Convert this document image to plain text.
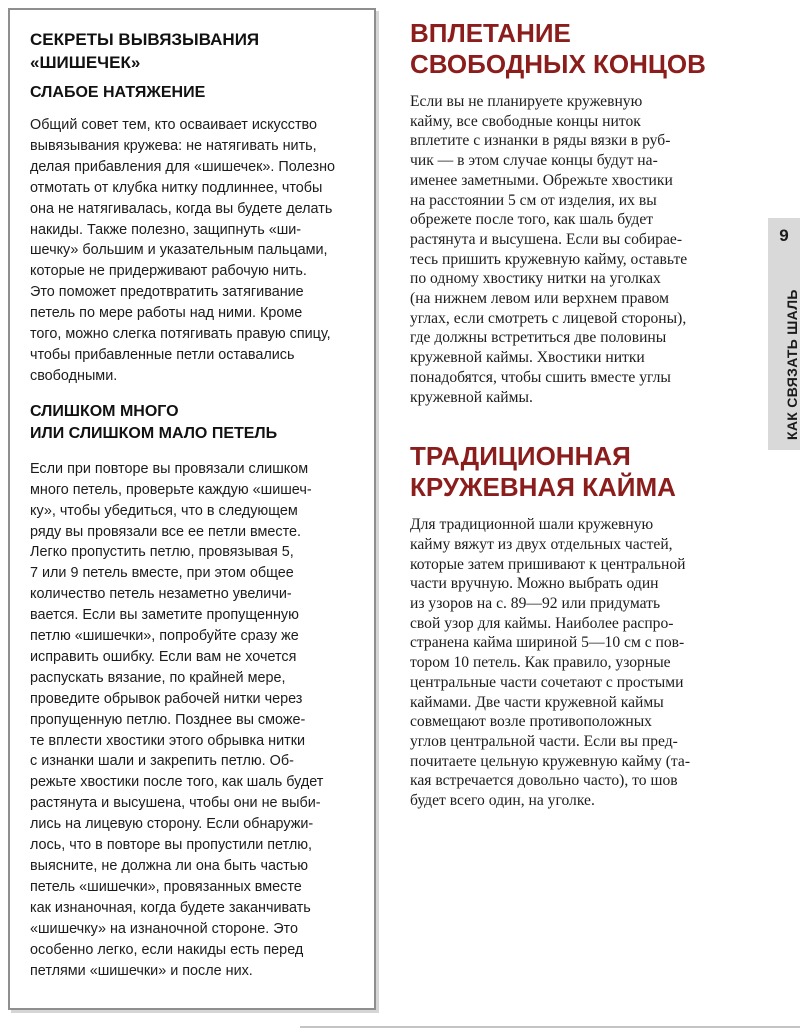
СЕКРЕТЫ ВЫВЯЗЫВАНИЯ
«ШИШЕЧЕК»
СЛАБОЕ НАТЯЖЕНИЕ
Общий совет тем, кто осваивает искусство
вывязывания кружева: не натягивать нить,
делая прибавления для «шишечек». Полезно
отмотать от клубка нитку подлиннее, чтобы
она не натягивалась, когда вы будете делать
накиды. Также полезно, защипнуть «ши-
шечку» большим и указательным пальцами,
которые не придерживают рабочую нить.
Это поможет предотвратить затягивание
петель по мере работы над ними. Кроме
того, можно слегка потягивать правую спицу,
чтобы прибавленные петли оставались
свободными.
СЛИШКОМ МНОГО
ИЛИ СЛИШКОМ МАЛО ПЕТЕЛЬ
Если при повторе вы провязали слишком
много петель, проверьте каждую «шишеч-
ку», чтобы убедиться, что в следующем
ряду вы провязали все ее петли вместе.
Легко пропустить петлю, провязывая 5,
7 или 9 петель вместе, при этом общее
количество петель незаметно увеличи-
вается. Если вы заметите пропущенную
петлю «шишечки», попробуйте сразу же
исправить ошибку. Если вам не хочется
распускать вязание, по крайней мере,
проведите обрывок рабочей нитки через
пропущенную петлю. Позднее вы сможе-
те вплести хвостики этого обрывка нитки
с изнанки шали и закрепить петлю. Об-
режьте хвостики после того, как шаль будет
растянута и высушена, чтобы они не выби-
лись на лицевую сторону. Если обнаружи-
лось, что в повторе вы пропустили петлю,
выясните, не должна ли она быть частью
петель «шишечки», провязанных вместе
как изнаночная, когда будете заканчивать
«шишечку» на изнаночной стороне. Это
особенно легко, если накиды есть перед
петлями «шишечки» и после них.
ВПЛЕТАНИЕ
СВОБОДНЫХ КОНЦОВ
Если вы не планируете кружевную
кайму, все свободные концы ниток
вплетите с изнанки в ряды вязки в руб-
чик — в этом случае концы будут на-
именее заметными. Обрежьте хвостики
на расстоянии 5 см от изделия, их вы
обрежете после того, как шаль будет
растянута и высушена. Если вы собирае-
тесь пришить кружевную кайму, оставьте
по одному хвостику нитки на уголках
(на нижнем левом или верхнем правом
углах, если смотреть с лицевой стороны),
где должны встретиться две половины
кружевной каймы. Хвостики нитки
понадобятся, чтобы сшить вместе углы
кружевной каймы.
ТРАДИЦИОННАЯ
КРУЖЕВНАЯ КАЙМА
Для традиционной шали кружевную
кайму вяжут из двух отдельных частей,
которые затем пришивают к центральной
части вручную. Можно выбрать один
из узоров на с. 89—92 или придумать
свой узор для каймы. Наиболее распро-
странена кайма шириной 5—10 см с пов-
тором 10 петель. Как правило, узорные
центральные части сочетают с простыми
каймами. Две части кружевной каймы
совмещают возле противоположных
углов центральной части. Если вы пред-
почитаете цельную кружевную кайму (та-
кая встречается довольно часто), то шов
будет всего один, на уголке.
9
КАК СВЯЗАТЬ ШАЛЬ
